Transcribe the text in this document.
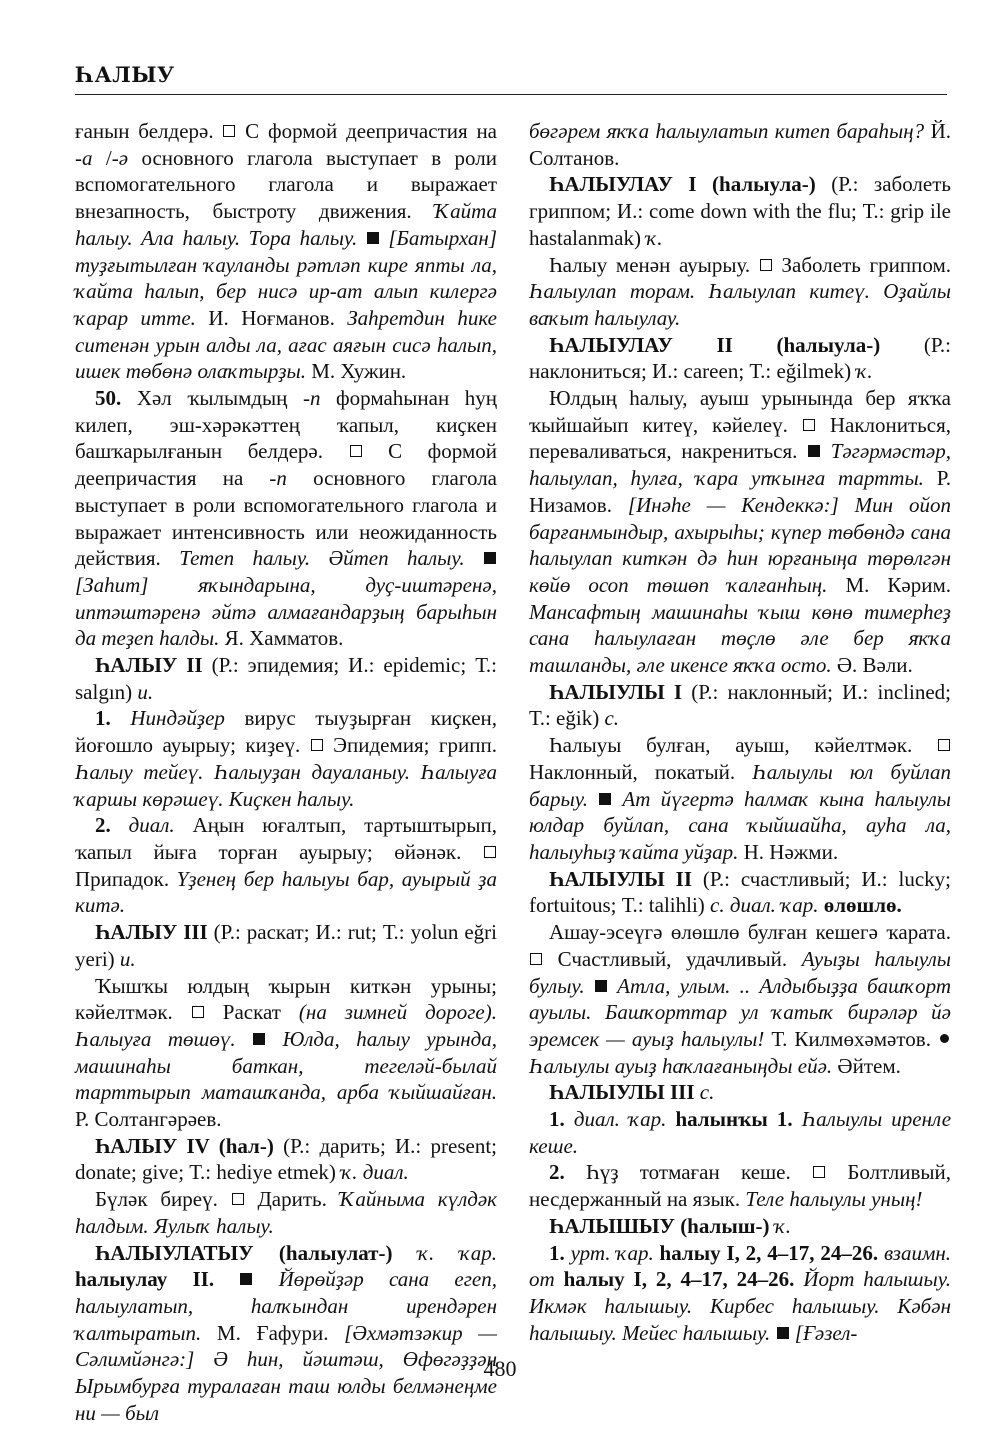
ҺАЛЫУ

ғанын белдерә.  С формой деепричастия на -а /-ә основного глагола выступает в роли вспомогательного глагола и выражает внезапность, быстроту движения. Ҡайта һалыу. Ала һалыу. Тора һалыу.  [Батырхан] туҙғытылған ҡауланды рәтләп кире япты ла, ҡайта һалып, бер нисә ир-ат алып килергә ҡарар итте. И. Ноғманов. Заһретдин һике ситенән урын алды ла, ағас аяғын сисә һалып, ишек төбөнә олаҡтырҙы. М. Хужин.

50. Хәл ҡылымдың -п формаһынан һуң килеп, эш-хәрәкәттең ҡапыл, киҫкен башҡарылғанын белдерә.  С формой деепричастия на -п основного глагола выступает в роли вспомогательного глагола и выражает интенсивность или неожиданность действия. Тетеп һалыу. Әйтеп һалыу.  [Заһит] яҡындарына, дуҫ-иштәренә, иптәштәренә әйтә алмағандарҙың барыһын да теҙеп һалды. Я. Хамматов.

ҺАЛЫУ II (Р.: эпидемия; И.: epidemic; Т.: salgın) и.

1. Ниндәйҙер вирус тыуҙырған киҫкен, йоғошло ауырыу; киҙеү.  Эпидемия; грипп. Һалыу тейеү. Һалыуҙан дауаланыу. Һалыуға ҡаршы көрәшеү. Киҫкен һалыу.

2. диал. Аңын юғалтып, тартыштырып, ҡапыл йыға торған ауырыу; өйәнәк.  Припадок. Үҙенең бер һалыуы бар, ауырый ҙа китә.

ҺАЛЫУ III (Р.: раскат; И.: rut; Т.: yolun eğri yeri) и.

Ҡышҡы юлдың ҡырын киткән урыны; кәйелтмәк.  Раскат (на зимней дороге). Һалыуға төшөү.  Юлда, һалыу урында, машинаһы баткан, тегеләй-былай тарттырып маташҡанда, арба ҡыйшайған. Р. Солтангәрәев.

ҺАЛЫУ IV (һал-) (Р.: дарить; И.: present; donate; give; Т.: hediye etmek) ҡ. диал.

Бүләк биреү.  Дарить. Ҡайныма күлдәк һалдым. Яулыҡ һалыу.

ҺАЛЫУЛАТЫУ (һалыулат-) ҡ. ҡар. һалыулау II.  Йөрөйҙәр сана егеп, һалыулатып, һалҡындан ирендәрен ҡалтыратып. М. Ғафури. [Әхмәтзәкир — Сәлимйәнгә:] Ә һин, йәштәш, Өфөгәҙҙән Ырымбурға туралаған таш юлды белмәнеңме ни — был

бөгәрем яҡҡа һалыулатып китеп бараһың? Й. Солтанов.

ҺАЛЫУЛАУ I (һалыула-) (Р.: заболеть гриппом; И.: come down with the flu; Т.: grip ile hastalanmak) ҡ.

Һалыу менән ауырыу.  Заболеть гриппом. Һалыулап торам. Һалыулап китеү. Оҙайлы ваҡыт һалыулау.

ҺАЛЫУЛАУ II (һалыула-) (Р.: наклониться; И.: careen; Т.: eğilmek) ҡ.

Юлдың һалыу, ауыш урынында бер яҡҡа ҡыйшайып китеү, кәйелеү.  Наклониться, переваливаться, накрениться.  Тәгәрмәстәр, һалыулап, һулға, ҡара упҡынға тартты. Р. Низамов. [Инәһе — Кендеккә:] Мин ойоп барғанмындыр, ахырыһы; күпер төбөндә сана һалыулап киткән дә һин юрғаныңа төрөлгән көйө осоп төшөп ҡалғанһың. М. Кәрим. Мансафтың машинаһы ҡыш көнө тимерһеҙ сана һалыулаған төҫлө әле бер яҡҡа ташланды, әле икенсе яҡҡа осто. Ә. Вәли.

ҺАЛЫУЛЫ I (Р.: наклонный; И.: inclined; Т.: eğik) с.

Һалыуы булған, ауыш, кәйелтмәк.  Наклонный, покатый. Һалыулы юл буйлап барыу.  Ат йүгертә һалмаҡ кына һалыулы юлдар буйлап, сана ҡыйшайһа, ауһа ла, һалыуһыҙ ҡайта уйҙар. Н. Нәжми.

ҺАЛЫУЛЫ II (Р.: счастливый; И.: lucky; fortuitous; Т.: talihli) с. диал. ҡар. өлөшлө.

Ашау-эсеүгә өлөшлө булған кешегә ҡарата.  Счастливый, удачливый. Ауыҙы һалыулы булыу.  Атла, улым. .. Алдыбыҙҙа башҡорт ауылы. Башҡорттар ул ҡатыҡ бирәләр йә эремсек — ауыҙ һалыулы! Т. Килмөхәмәтов.  Һалыулы ауыҙ һаҡлағаныңды ейә. Әйтем.

ҺАЛЫУЛЫ III с.

1. диал. ҡар. һалынҡы 1. Һалыулы иренле кеше.

2. Һүҙ тотмаған кеше.  Болтливый, несдержанный на язык. Теле һалыулы уның!

ҺАЛЫШЫУ (һалыш-) ҡ.

1. урт. ҡар. һалыу I, 2, 4–17, 24–26. взаимн. от һалыу I, 2, 4–17, 24–26. Йорт һалышыу. Икмәк һалышыу. Кирбес һалышыу. Кәбән һалышыу. Мейес һалышыу. [Ғәзел-

480
